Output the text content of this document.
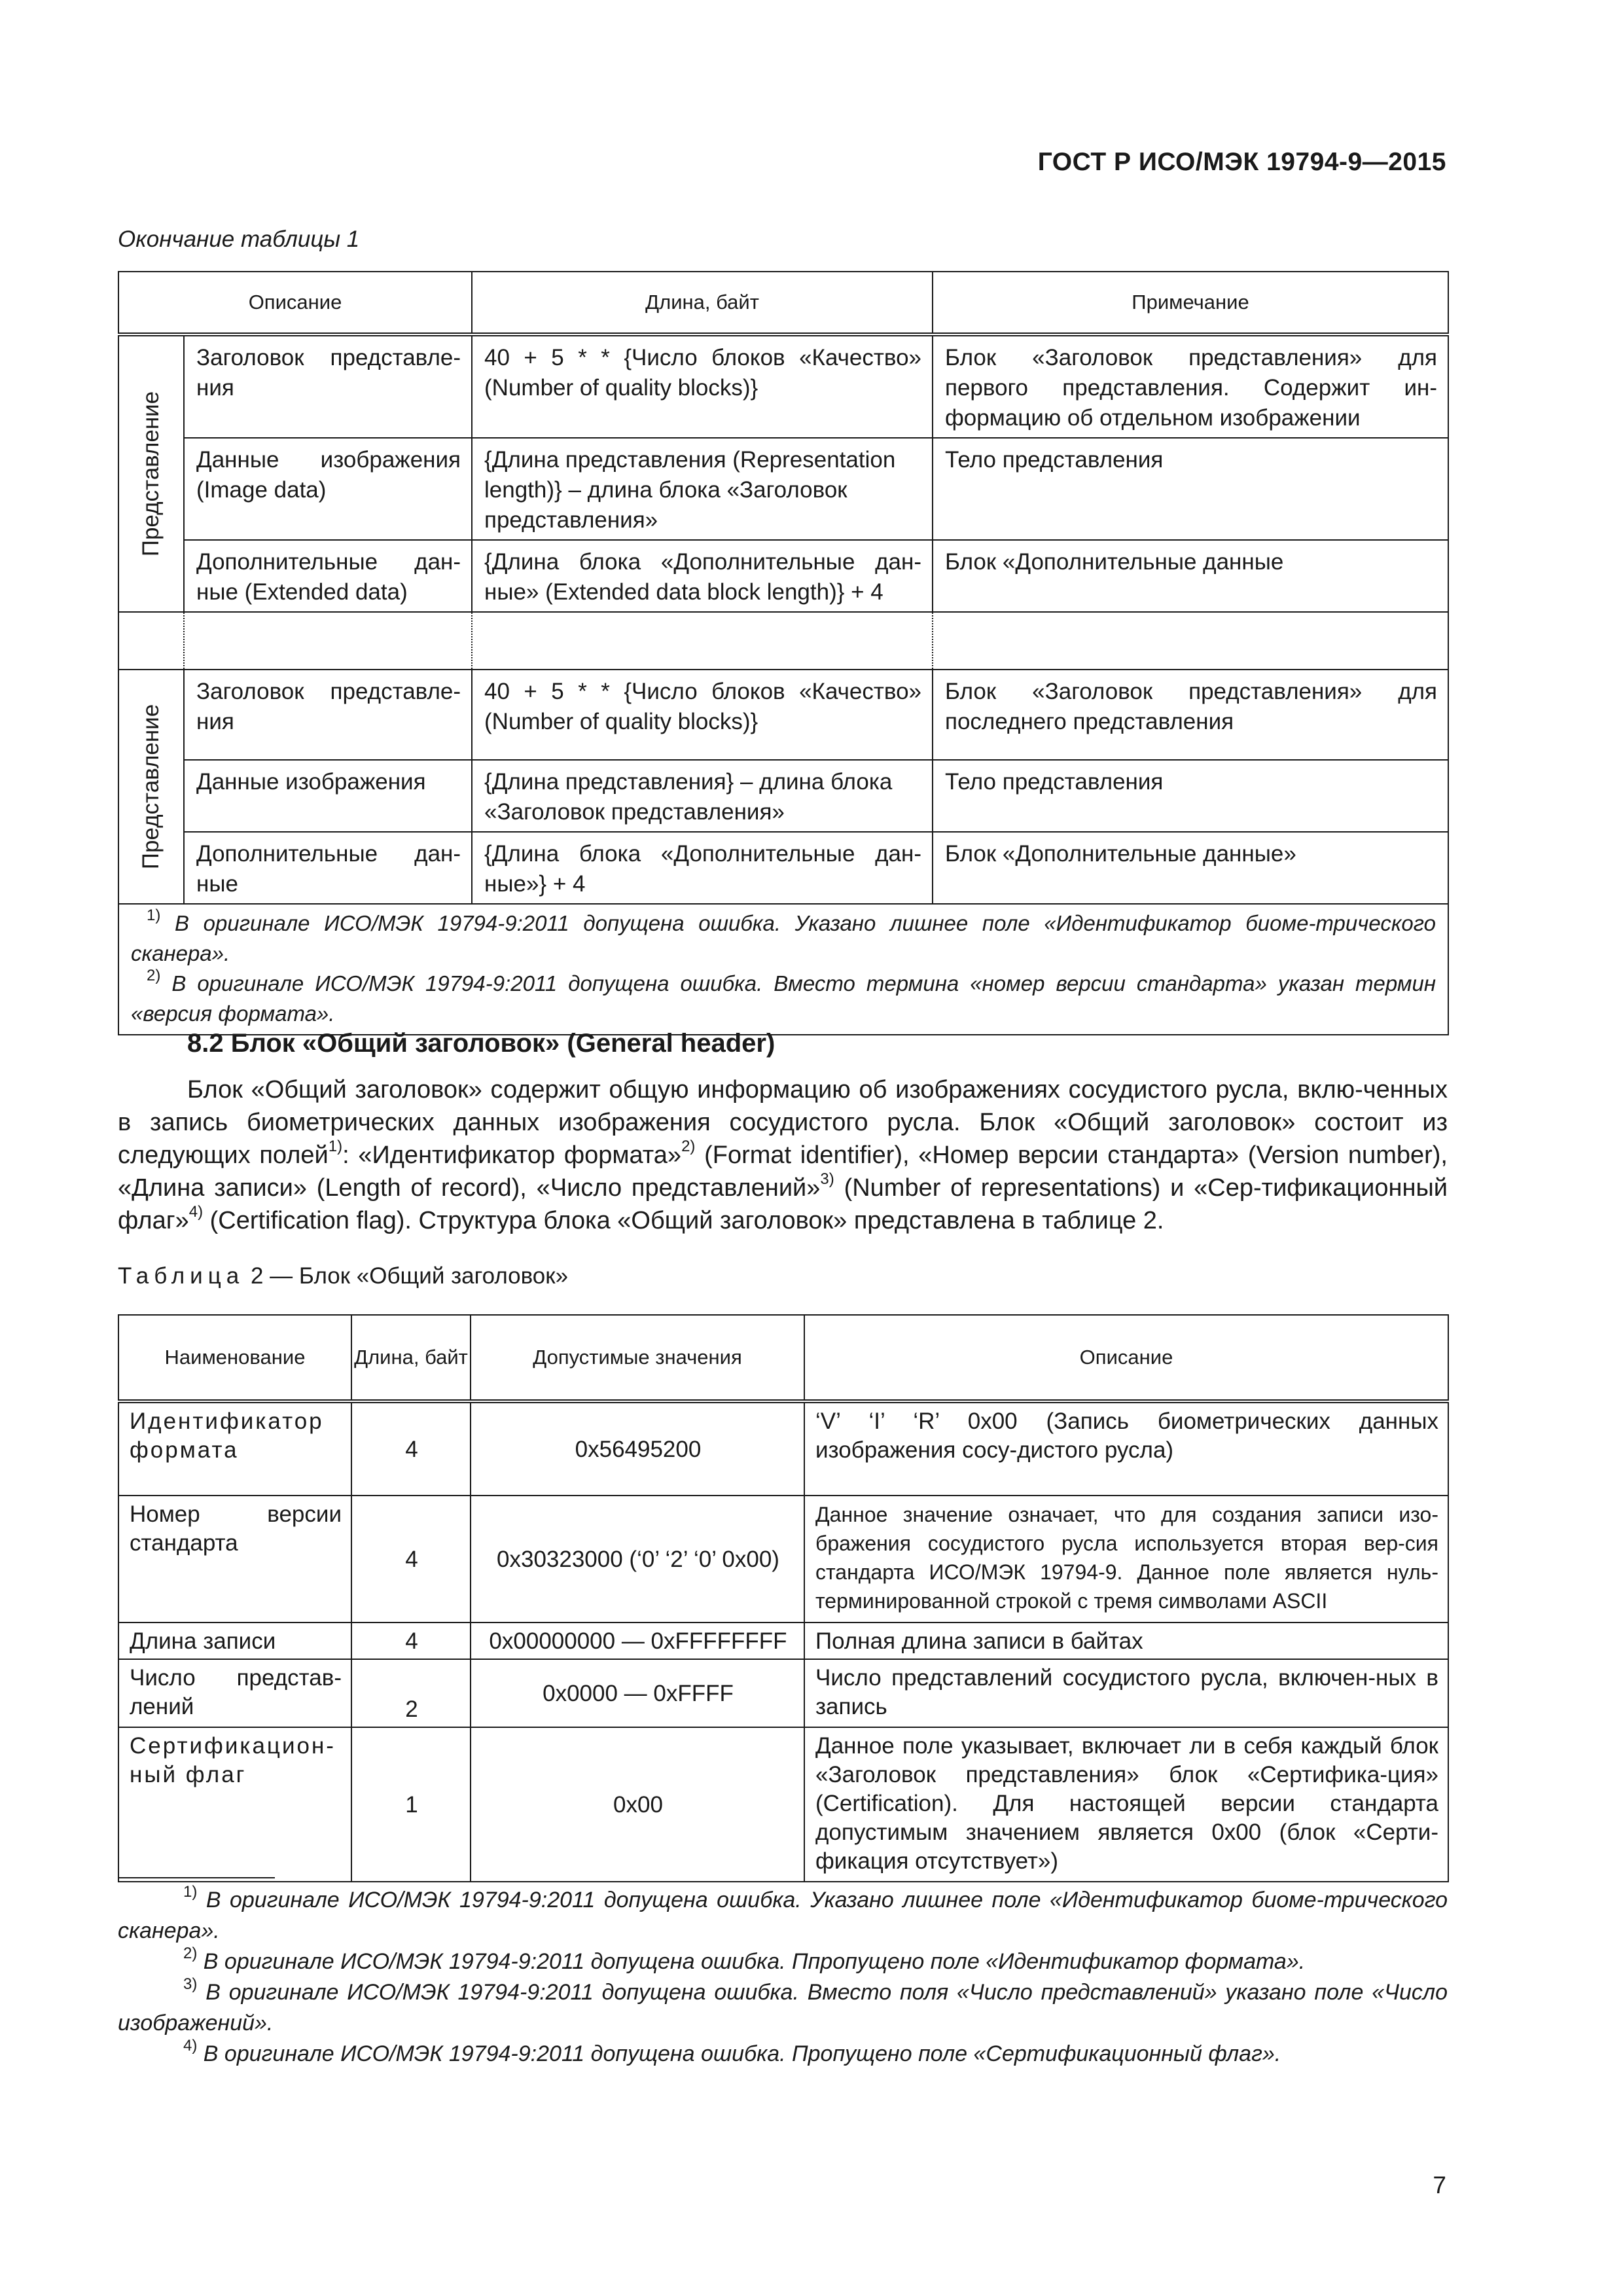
ГОСТ Р ИСО/МЭК 19794-9—2015
Окончание таблицы 1
Описание		Длина, байт	Примечание

Представление	Заголовок представле-ния	40 + 5 * * {Число блоков «Качество» (Number of quality blocks)}	Блок «Заголовок представления» для первого представления. Содержит ин-формацию об отдельном изображении
	Данные изображения (Image data)	{Длина представления (Representation length)} – длина блока «Заголовок представления»	Тело представления
	Дополнительные дан-ные (Extended data)	{Длина блока «Дополнительные дан-ные» (Extended data block length)} + 4	Блок «Дополнительные данные

Представление	Заголовок представле-ния	40 + 5 * * {Число блоков «Качество» (Number of quality blocks)}	Блок «Заголовок представления» для последнего представления
	Данные изображения	{Длина представления} – длина блока «Заголовок представления»	Тело представления
	Дополнительные дан-ные	{Длина блока «Дополнительные дан-ные»} + 4	Блок «Дополнительные данные»

$^{1)}$ В оригинале ИСО/МЭК 19794-9:2011 допущена ошибка. Указано лишнее поле «Идентификатор биоме-трического сканера».
$^{2)}$ В оригинале ИСО/МЭК 19794-9:2011 допущена ошибка. Вместо термина «номер версии стандарта» указан термин «версия формата».			
8.2 Блок «Общий заголовок» (General header)
Блок «Общий заголовок» содержит общую информацию об изображениях сосудистого русла, вклю-ченных в запись биометрических данных изображения сосудистого русла. Блок «Общий заголовок» состоит из следующих полей$^{1)}$: «Идентификатор формата»$^{2)}$ (Format identifier), «Номер версии стандарта» (Version number), «Длина записи» (Length of record), «Число представлений»$^{3)}$ (Number of representations) и «Сер-тификационный флаг»$^{4)}$ (Certification flag). Структура блока «Общий заголовок» представлена в таблице 2.
Таблица 2 — Блок «Общий заголовок»
Наименование	Длина, байт	Допустимые значения	Описание
Идентификатор формата	4	0x56495200	‘V’ ‘I’ ‘R’ 0x00 (Запись биометрических данных изображения сосу-дистого русла)
Номер версии стандарта	4	0x30323000 (‘0’ ‘2’ ‘0’ 0x00)	Данное значение означает, что для создания записи изо-бражения сосудистого русла используется вторая вер-сия стандарта ИСО/МЭК 19794-9. Данное поле является нуль-терминированной строкой с тремя символами ASCII
Длина записи	4	0x00000000 — 0xFFFFFFFF	Полная длина записи в байтах
Число представ-лений	2	0x0000 — 0xFFFF	Число представлений сосудистого русла, включен-ных в запись
Сертификацион-ный флаг	1	0x00	Данное поле указывает, включает ли в себя каждый блок «Заголовок представления» блок «Сертифика-ция» (Certification). Для настоящей версии стандарта допустимым значением является 0x00 (блок «Серти-фикация отсутствует»)

$^{1)}$ В оригинале ИСО/МЭК 19794-9:2011 допущена ошибка. Указано лишнее поле «Идентификатор биоме-трического сканера».

$^{2)}$ В оригинале ИСО/МЭК 19794-9:2011 допущена ошибка. Ппропущено поле «Идентификатор формата».

$^{3)}$ В оригинале ИСО/МЭК 19794-9:2011 допущена ошибка. Вместо поля «Число представлений» указано поле «Число изображений».

$^{4)}$ В оригинале ИСО/МЭК 19794-9:2011 допущена ошибка. Пропущено поле «Сертификационный флаг».

7
